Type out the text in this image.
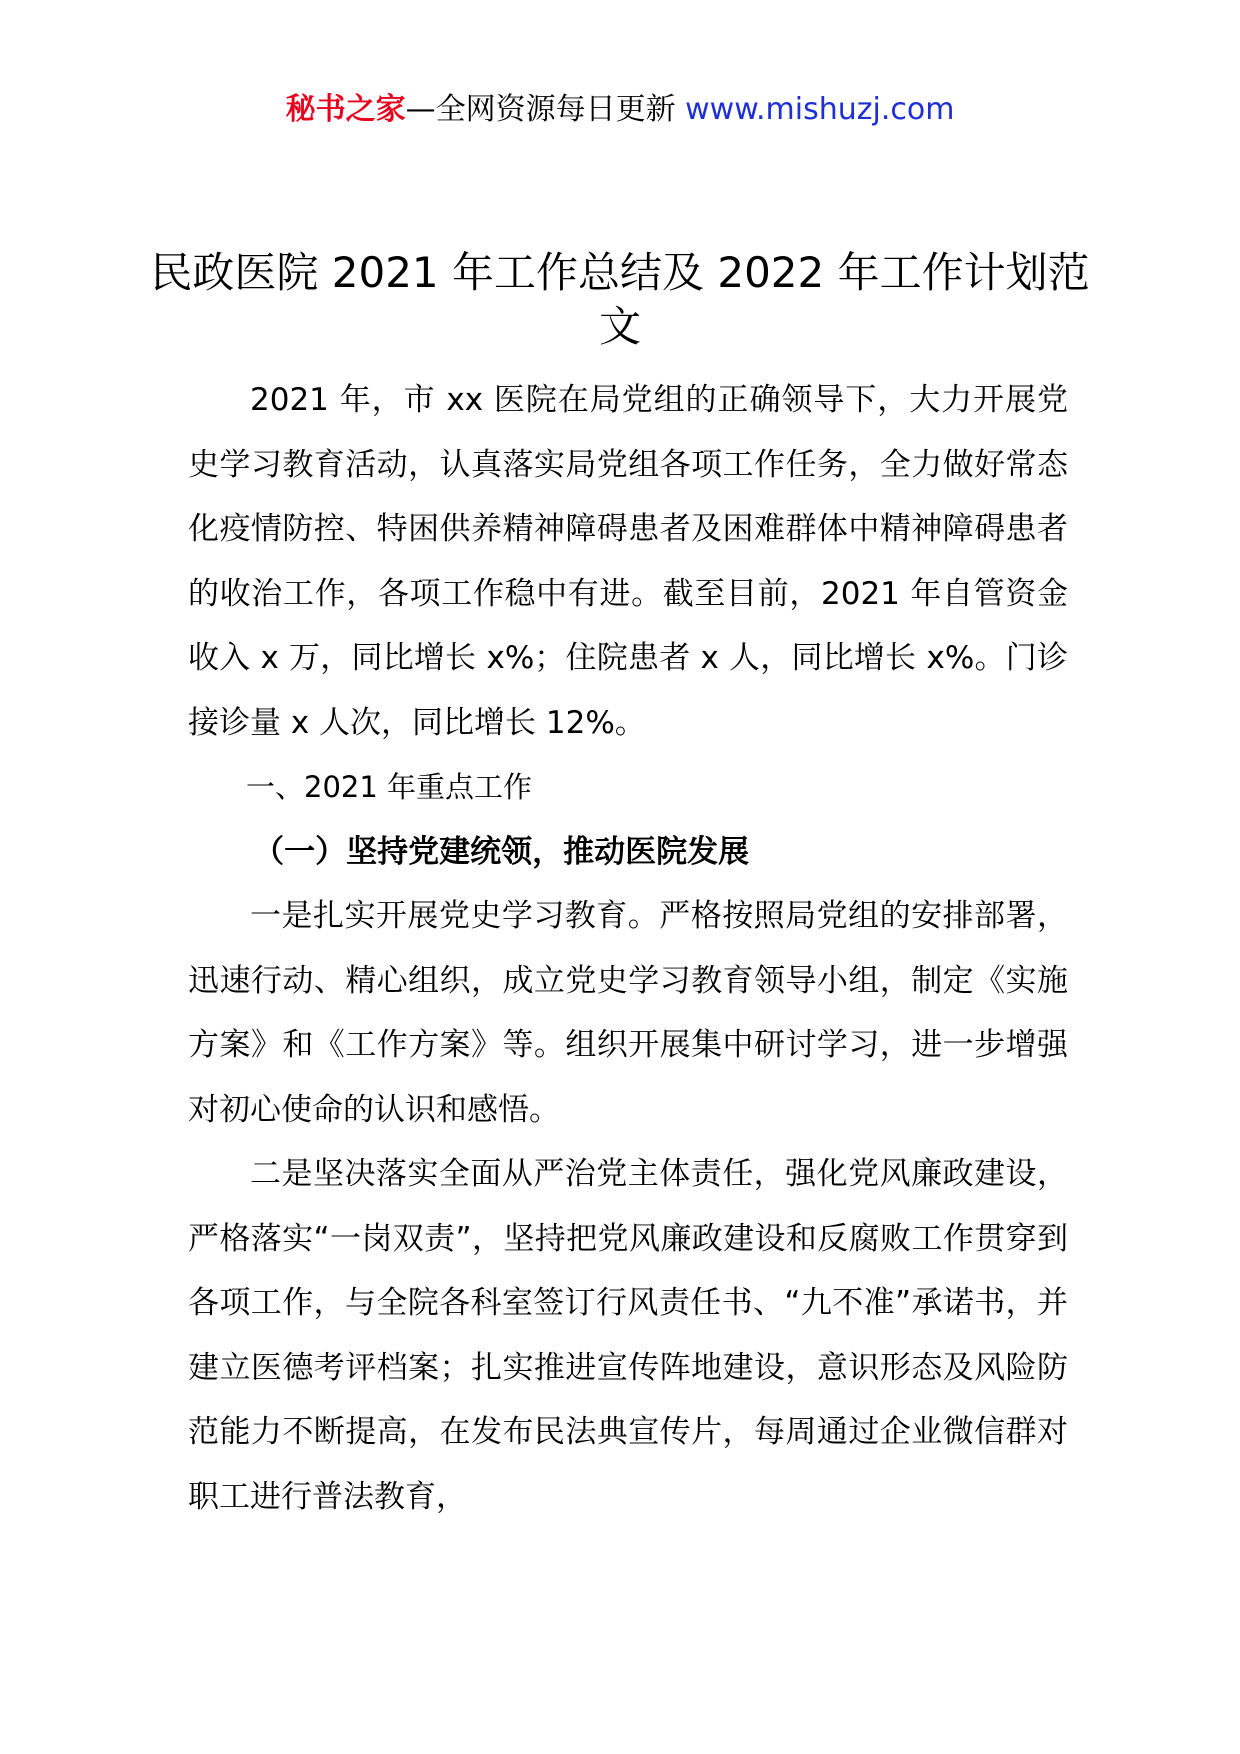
秘书之家—全网资源每日更新 www.mishuzj.com
民政医院 2021 年工作总结及 2022 年工作计划范文

2021 年，市 xx 医院在局党组的正确领导下，大力开展党史学习教育活动，认真落实局党组各项工作任务，全力做好常态化疫情防控、特困供养精神障碍患者及困难群体中精神障碍患者的收治工作，各项工作稳中有进。截至目前，2021 年自管资金收入 x 万，同比增长 x%；住院患者 x 人，同比增长 x%。门诊接诊量 x 人次，同比增长 12%。

一、2021 年重点工作

（一）坚持党建统领，推动医院发展

一是扎实开展党史学习教育。严格按照局党组的安排部署，迅速行动、精心组织，成立党史学习教育领导小组，制定《实施方案》和《工作方案》等。组织开展集中研讨学习，进一步增强对初心使命的认识和感悟。

二是坚决落实全面从严治党主体责任，强化党风廉政建设，严格落实“一岗双责”，坚持把党风廉政建设和反腐败工作贯穿到各项工作，与全院各科室签订行风责任书、“九不准”承诺书，并建立医德考评档案；扎实推进宣传阵地建设，意识形态及风险防范能力不断提高，在发布民法典宣传片，每周通过企业微信群对职工进行普法教育，
